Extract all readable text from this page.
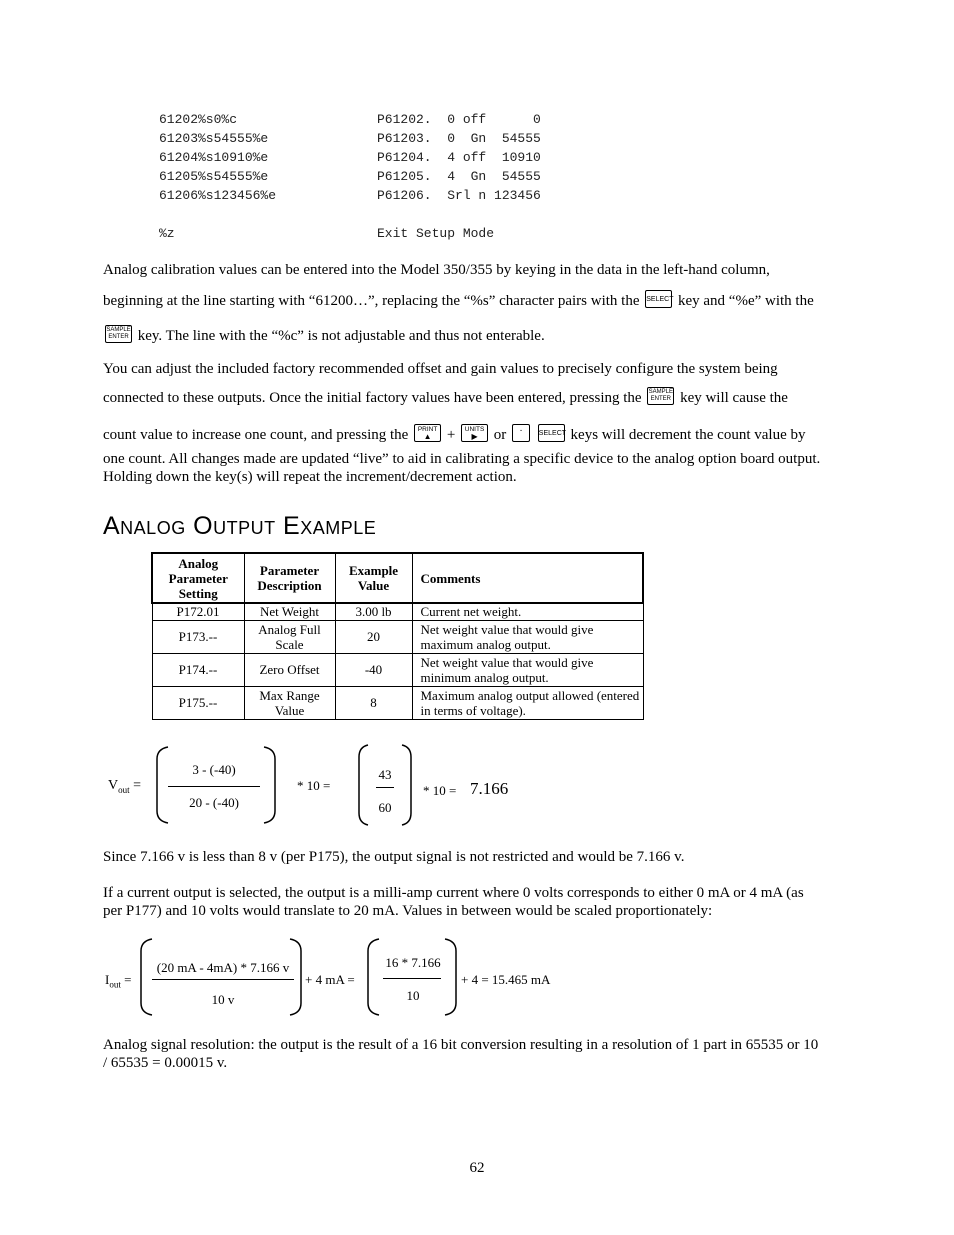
61202%s0%c	P61202.  0 off      0
61203%s54555%e	P61203.  0  Gn  54555
61204%s10910%e	P61204.  4 off  10910
61205%s54555%e	P61205.  4  Gn  54555
61206%s123456%e	P61206.  Srl n 123456
%z	Exit Setup Mode
Analog calibration values can be entered into the Model 350/355 by keying in the data in the left-hand column,
beginning at the line starting with “61200…”, replacing the “%s” character pairs with the SELECT key and “%e” with the
SAMPLE
ENTER key. The line with the “%c” is not adjustable and thus not enterable.
You can adjust the included factory recommended offset and gain values to precisely configure the system being
connected to these outputs. Once the initial factory values have been entered, pressing the SAMPLE
ENTER key will cause the
count value to increase one count, and pressing the	PRINT
▲	+	UNITS
▶	or	·
	SELECT keys will decrement the count value by
one count. All changes made are updated “live” to aid in calibrating a specific device to the analog option board output.
Holding down the key(s) will repeat the increment/decrement action.
Analog Output Example
Analog Parameter Setting	Parameter Description	Example Value	Comments
P172.01	Net Weight	3.00 lb	Current net weight.
P173.--	Analog Full Scale	20	Net weight value that would give maximum analog output.
P174.--	Zero Offset	-40	Net weight value that would give minimum analog output.
P175.--	Max Range Value	8	Maximum analog output allowed (entered in terms of voltage).
$V_{out}$ =
3 - (-40)
20 - (-40)
* 10 =
43
60
* 10 = 7.166
Since 7.166 v is less than 8 v (per P175), the output signal is not restricted and would be 7.166 v.
If a current output is selected, the output is a milli-amp current where 0 volts corresponds to either 0 mA or 4 mA (as
per P177) and 10 volts would translate to 20 mA. Values in between would be scaled proportionately:
$I_{out}$ =
(20 mA - 4mA) * 7.166 v
10 v
+ 4 mA =
16 * 7.166
10
+ 4 = 15.465 mA
Analog signal resolution: the output is the result of a 16 bit conversion resulting in a resolution of 1 part in 65535 or 10
/ 65535 = 0.00015 v.
62
